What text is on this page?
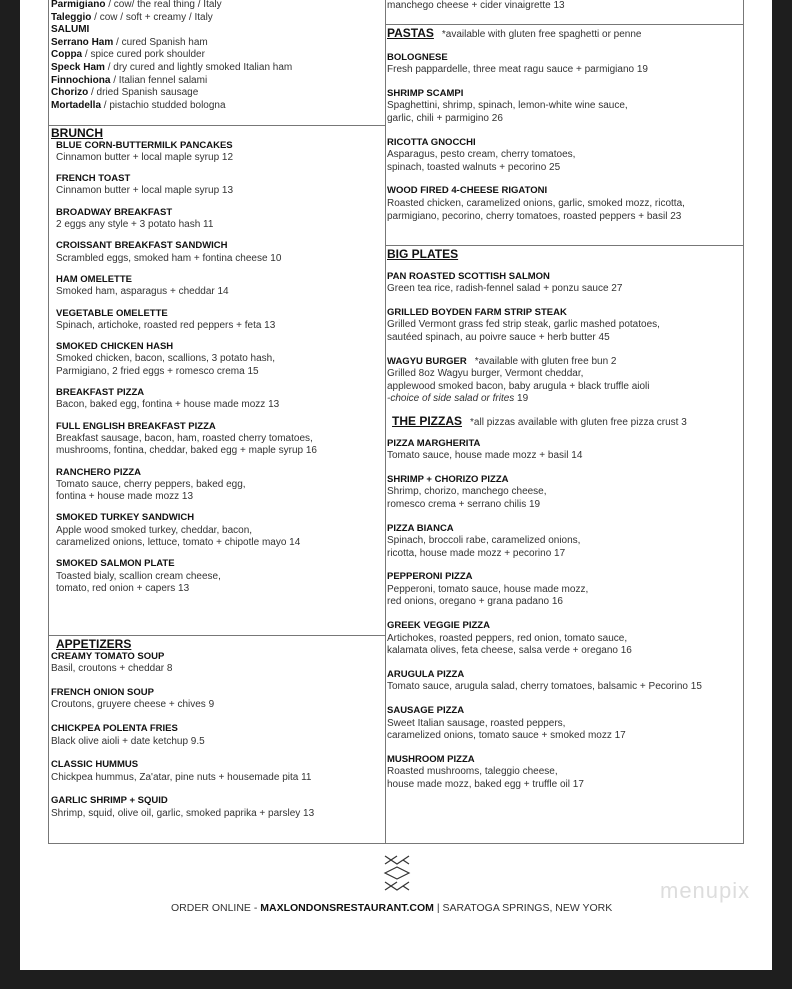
Parmigiano / cow/ the real thing / Italy
Taleggio / cow / soft + creamy / Italy
SALUMI
Serrano Ham / cured Spanish ham
Coppa / spice cured pork shoulder
Speck Ham / dry cured and lightly smoked Italian ham
Finnochiona / Italian fennel salami
Chorizo / dried Spanish sausage
Mortadella / pistachio studded bologna
manchego cheese + cider vinaigrette 13
BRUNCH
BLUE CORN-BUTTERMILK PANCAKES
Cinnamon butter + local maple syrup 12
FRENCH TOAST
Cinnamon butter + local maple syrup 13
BROADWAY BREAKFAST
2 eggs any style + 3 potato hash 11
CROISSANT BREAKFAST SANDWICH
Scrambled eggs, smoked ham + fontina cheese 10
HAM OMELETTE
Smoked ham, asparagus + cheddar 14
VEGETABLE OMELETTE
Spinach, artichoke, roasted red peppers + feta 13
SMOKED CHICKEN HASH
Smoked chicken, bacon, scallions, 3 potato hash,
Parmigiano, 2 fried eggs + romesco crema 15
BREAKFAST PIZZA
Bacon, baked egg, fontina + house made mozz 13
FULL ENGLISH BREAKFAST PIZZA
Breakfast sausage, bacon, ham, roasted cherry tomatoes,
mushrooms, fontina, cheddar, baked egg + maple syrup 16
RANCHERO PIZZA
Tomato sauce, cherry peppers, baked egg,
fontina + house made mozz 13
SMOKED TURKEY SANDWICH
Apple wood smoked turkey, cheddar, bacon,
caramelized onions, lettuce, tomato + chipotle mayo 14
SMOKED SALMON PLATE
Toasted bialy, scallion cream cheese,
tomato, red onion + capers 13
APPETIZERS
CREAMY TOMATO SOUP
Basil, croutons + cheddar 8
FRENCH ONION SOUP
Croutons, gruyere cheese + chives 9
CHICKPEA POLENTA FRIES
Black olive aioli + date ketchup 9.5
CLASSIC HUMMUS
Chickpea hummus, Za'atar, pine nuts + housemade pita 11
GARLIC SHRIMP + SQUID
Shrimp, squid, olive oil, garlic, smoked paprika + parsley 13
PASTAS *available with gluten free spaghetti or penne
BOLOGNESE
Fresh pappardelle, three meat ragu sauce + parmigiano 19
SHRIMP SCAMPI
Spaghettini, shrimp, spinach, lemon-white wine sauce,
garlic, chili + parmigino 26
RICOTTA GNOCCHI
Asparagus, pesto cream, cherry tomatoes,
spinach, toasted walnuts + pecorino 25
WOOD FIRED 4-CHEESE RIGATONI
Roasted chicken, caramelized onions, garlic, smoked mozz, ricotta,
parmigiano, pecorino, cherry tomatoes, roasted peppers + basil 23
BIG PLATES
PAN ROASTED SCOTTISH SALMON
Green tea rice, radish-fennel salad + ponzu sauce 27
GRILLED BOYDEN FARM STRIP STEAK
Grilled Vermont grass fed strip steak, garlic mashed potatoes,
sautéed spinach, au poivre sauce + herb butter 45
WAGYU BURGER *available with gluten free bun 2
Grilled 8oz Wagyu burger, Vermont cheddar,
applewood smoked bacon, baby arugula + black truffle aioli
-choice of side salad or frites 19
THE PIZZAS *all pizzas available with gluten free pizza crust 3
PIZZA MARGHERITA
Tomato sauce, house made mozz + basil 14
SHRIMP + CHORIZO PIZZA
Shrimp, chorizo, manchego cheese,
romesco crema + serrano chilis 19
PIZZA BIANCA
Spinach, broccoli rabe, caramelized onions,
ricotta, house made mozz + pecorino 17
PEPPERONI PIZZA
Pepperoni, tomato sauce, house made mozz,
red onions, oregano + grana padano 16
GREEK VEGGIE PIZZA
Artichokes, roasted peppers, red onion, tomato sauce,
kalamata olives, feta cheese, salsa verde + oregano 16
ARUGULA PIZZA
Tomato sauce, arugula salad, cherry tomatoes, balsamic + Pecorino 15
SAUSAGE PIZZA
Sweet Italian sausage, roasted peppers,
caramelized onions, tomato sauce + smoked mozz 17
MUSHROOM PIZZA
Roasted mushrooms, taleggio cheese,
house made mozz, baked egg + truffle oil 17
ORDER ONLINE - MAXLONDONSRESTAURANT.COM | SARATOGA SPRINGS, NEW YORK
menupix
